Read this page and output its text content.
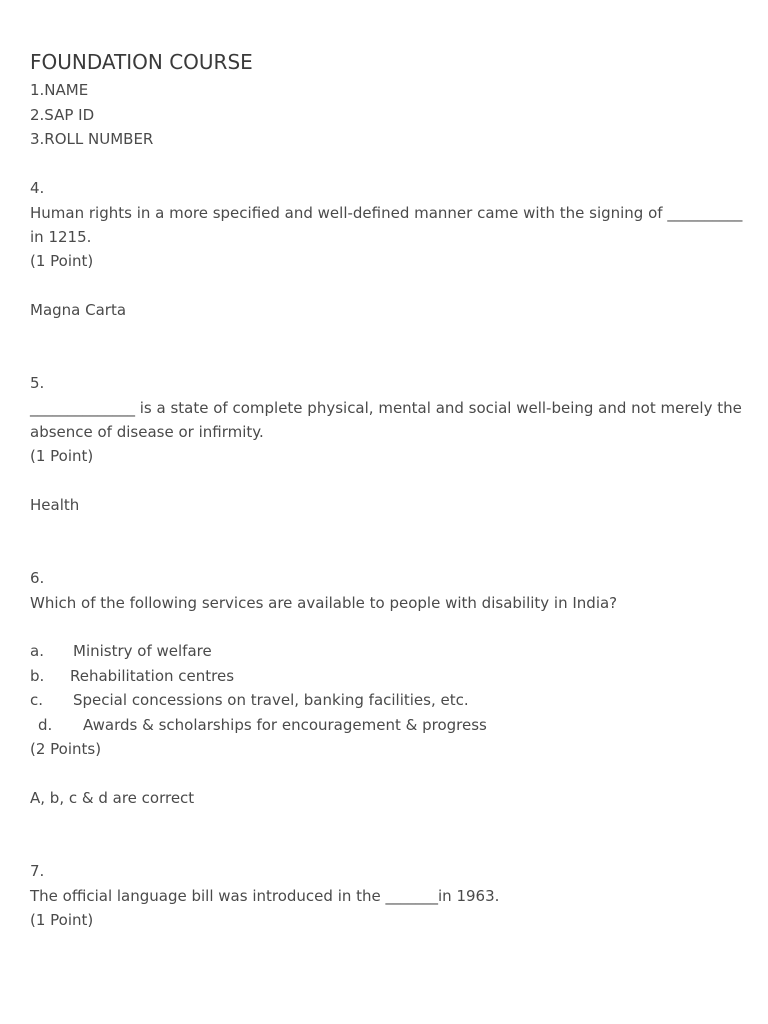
FOUNDATION COURSE
1.NAME
2.SAP ID
3.ROLL NUMBER
4.
Human rights in a more specified and well-defined manner came with the signing of __________
in 1215.
(1 Point)
Magna Carta
5.
______________ is a state of complete physical, mental and social well-being and not merely the
absence of disease or infirmity.
(1 Point)
Health
6.
Which of the following services are available to people with disability in India?
a. Ministry of welfare
b. Rehabilitation centres
c. Special concessions on travel, banking facilities, etc.
d. Awards & scholarships for encouragement & progress
(2 Points)
A, b, c & d are correct
7.
The official language bill was introduced in the _______in 1963.
(1 Point)
